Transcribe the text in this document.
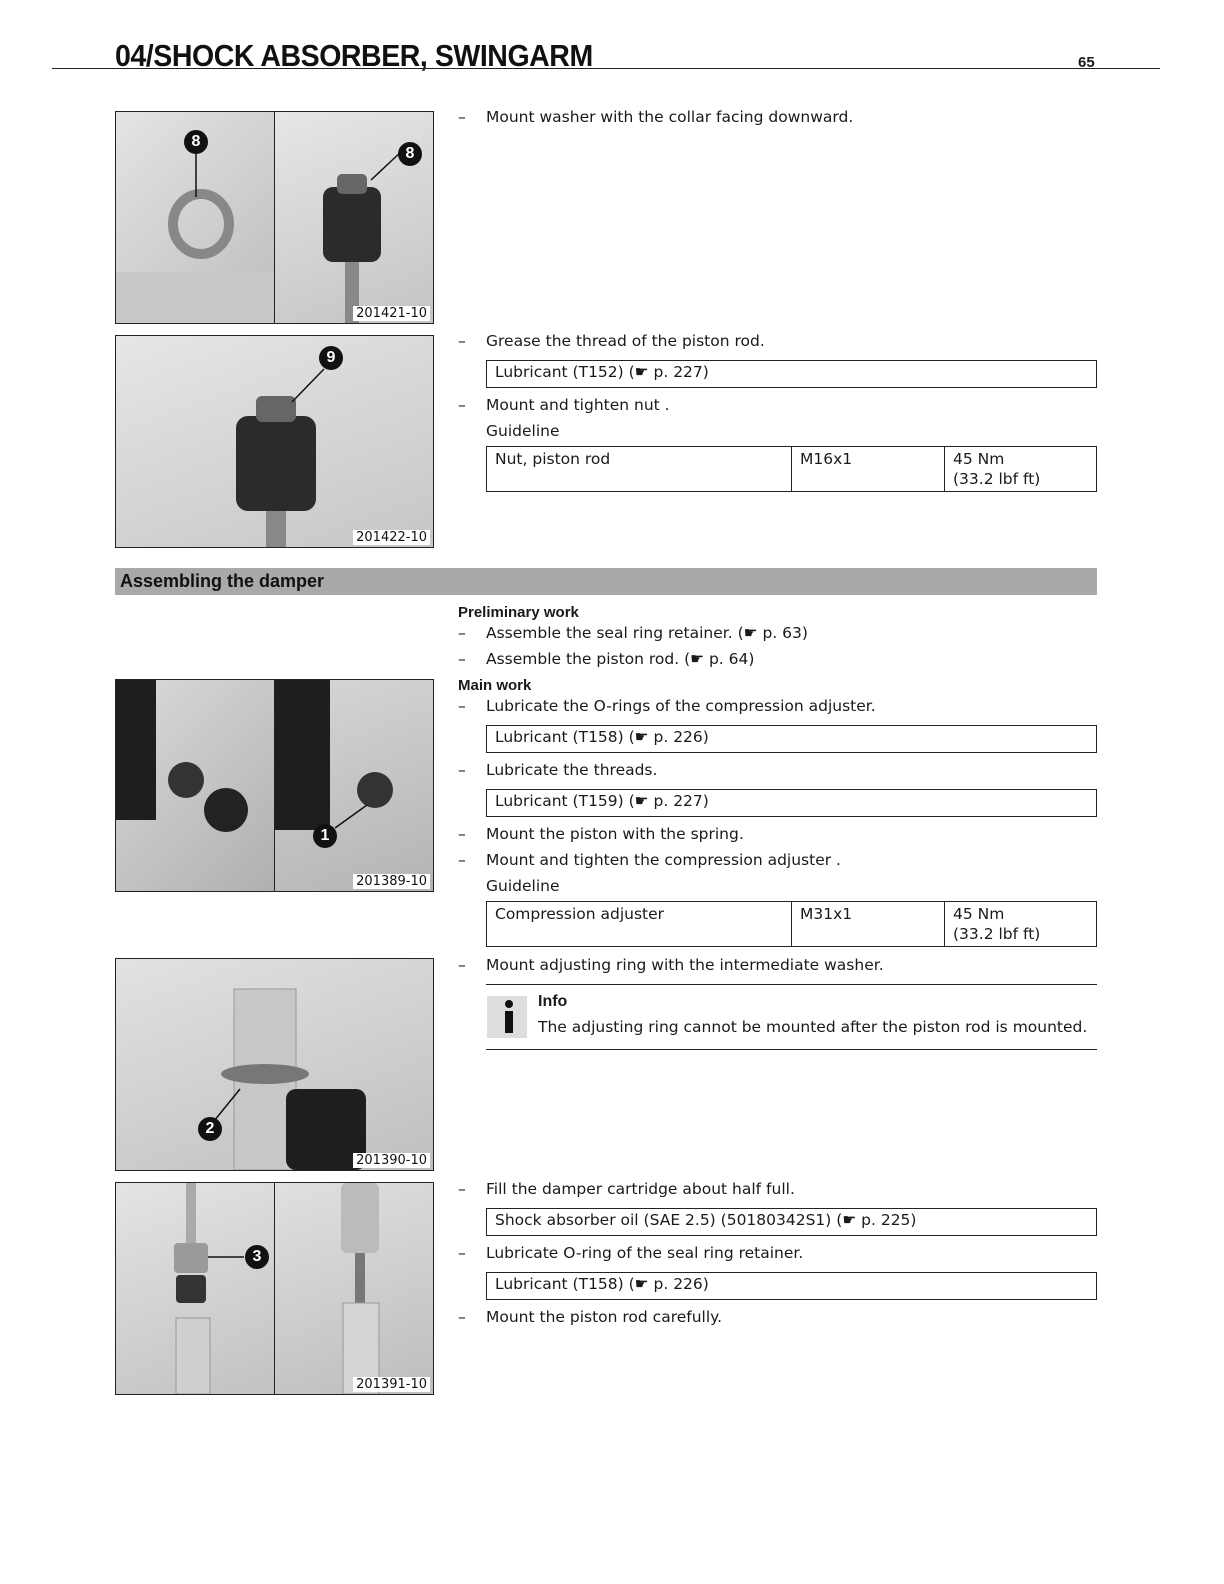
04/SHOCK ABSORBER, SWINGARM	65
8
8
201421-10
9
201422-10
– Mount washer with the collar facing downward.
– Grease the thread of the piston rod.
Lubricant (T152) (☛ p. 227)
– Mount and tighten nut .
Guideline
Nut, piston rod	M16x1	45 Nm
(33.2 lbf ft)
Assembling the damper
Preliminary work
– Assemble the seal ring retainer. (☛ p. 63)
– Assemble the piston rod. (☛ p. 64)
Main work
1
201389-10
– Lubricate the O-rings of the compression adjuster.
Lubricant (T158) (☛ p. 226)
– Lubricate the threads.
Lubricant (T159) (☛ p. 227)
– Mount the piston with the spring.
– Mount and tighten the compression adjuster .
Guideline
Compression adjuster	M31x1	45 Nm
(33.2 lbf ft)
2
201390-10
– Mount adjusting ring with the intermediate washer.
Info
The adjusting ring cannot be mounted after the piston rod is mounted.
3
201391-10
– Fill the damper cartridge about half full.
Shock absorber oil (SAE 2.5) (50180342S1) (☛ p. 225)
– Lubricate O-ring of the seal ring retainer.
Lubricant (T158) (☛ p. 226)
– Mount the piston rod carefully.
